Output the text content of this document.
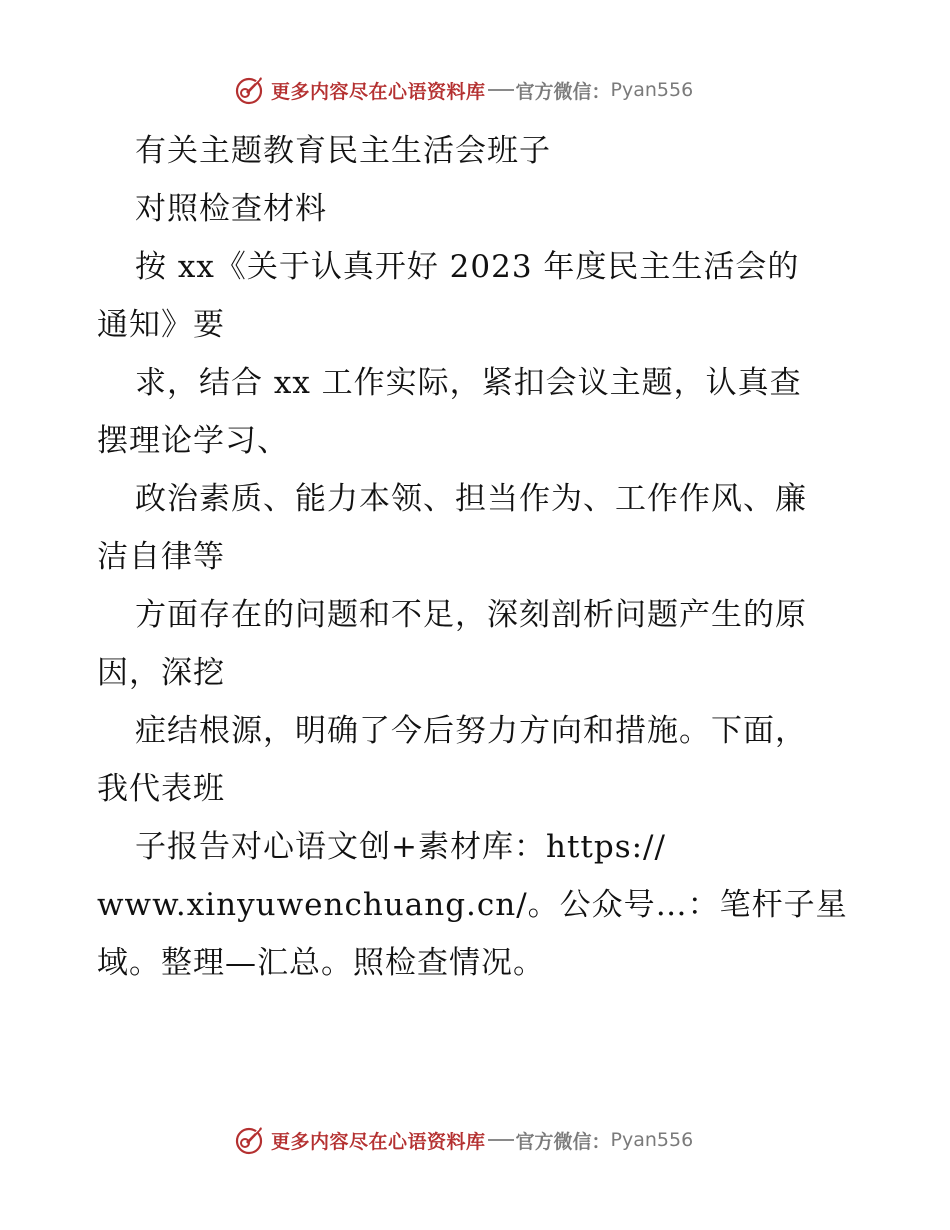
更多内容尽在心语资料库 官方微信： Pyan556
有关主题教育民主生活会班子
对照检查材料
按 xx《关于认真开好 2023 年度民主生活会的
通知》要
求，结合 xx 工作实际，紧扣会议主题，认真查
摆理论学习、
政治素质、能力本领、担当作为、工作作风、廉
洁自律等
方面存在的问题和不足，深刻剖析问题产生的原
因，深挖
症结根源，明确了今后努力方向和措施。下面，
我代表班
子报告对心语文创+素材库：https://
www.xinyuwenchuang.cn/。公众号…：笔杆子星
域。整理—汇总。照检查情况。
更多内容尽在心语资料库 官方微信： Pyan556
